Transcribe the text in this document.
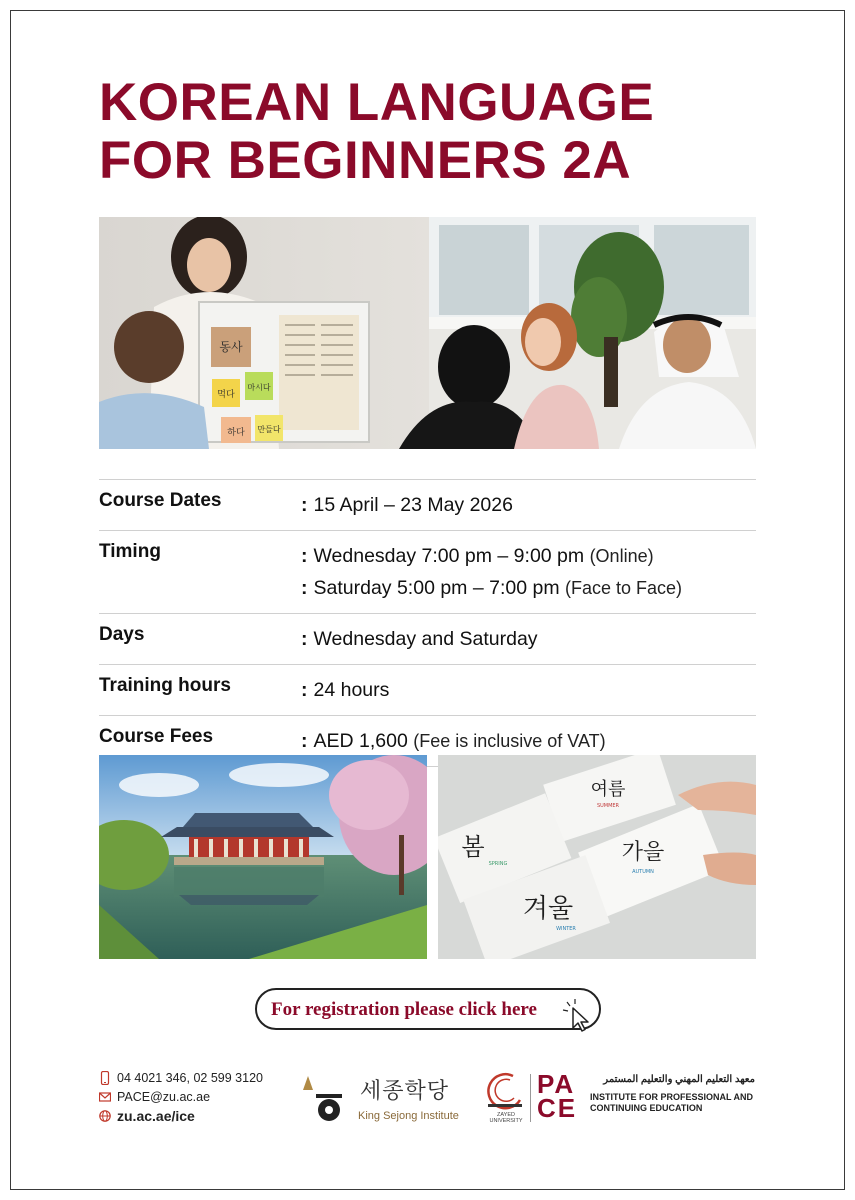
KOREAN LANGUAGE
FOR BEGINNERS 2A
동사
먹다
마시다
하다 만들다
Course Dates	: 15 April – 23 May 2026
Timing	: Wednesday 7:00 pm – 9:00 pm (Online)
: Saturday 5:00 pm – 7:00 pm (Face to Face)
Days	: Wednesday and Saturday
Training hours	: 24 hours
Course Fees	: AED 1,600 (Fee is inclusive of VAT)
여름
SUMMER
봄
SPRING	가을
AUTUMN
겨울
WINTER
For registration please click here
04 4021 346, 02 599 3120
PACE@zu.ac.ae
zu.ac.ae/ice
세종학당
King Sejong Institute	ZAYED UNIVERSITY
PA
CE
معهد التعليم المهني والتعليم المستمر
INSTITUTE FOR PROFESSIONAL AND
CONTINUING EDUCATION
